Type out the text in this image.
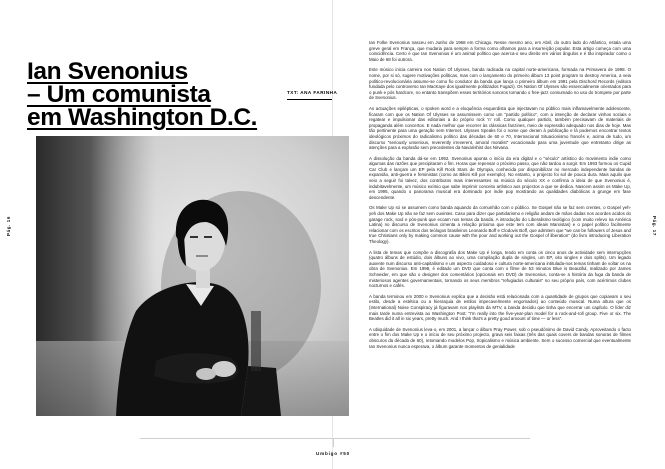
Ian Svenonius
– Um comunista
em Washington D.C.
TXT: ANA FARINHA
Pág. 16	Pág. 17
Umbigo #50

Ian Folke Svenonius nasceu em Junho de 1968 em Chicago. Nesse mesmo ano, em Abril, do outro lado do Atlântico, estala uma greve geral em França, que mudaria para sempre a forma como olhamos para a insurreição popular. Esta artigo começa com uma coincidência. Certo é que Ian Svenonius é um animal político que acerca-o seu direito em vários ângulos e é tão inspirador como o Maio de 68 foi outrora.

Este músico inicia carreira nos Nation Of Ulysses, banda radicada na capital norte-americana, formada na Primavera de 1988. O nome, por si só, sugere motivações políticas, mas com o lançamento do primeiro álbum 13 point program to destroy America, a veia político-revolucionária assume-se como fio condutor da banda que lança o primeiro álbum em 1991 pela Dischord Records (editora fundada pelo controverso Ian MacKaye dos igualmente politizados Fugazi). Os Nation Of Ulysses são essencialmente orientados para o punk e pós hardcore, no entanto transpõem esses territórios sonoros tornando o free-jazz consumado no uso do trompete por parte de Svenonius.

As actuações epilépticas, o spoken word e a eloquência esquerdista que injectavam no público mais inflamavelmente adolescente, ficaram com que os Nation Of Ulysses se assumissem como um "partido político", com a intenção de declarar vinhos sociais e regatear e impulsionar das editoriais a do próprio rock 'n' roll. Como qualquer partido, também precisavam de materiais de propaganda além concertos. E nada melhor que recorrer às clássicas fanzines, meio de expressão adequado nos dias de hoje. Mas tão pertinente para uma geração sem Internet. Ulysses Speaks foi o nome que deram à publicação e lá podemos encontrar textos ideológicos próximos do radicalismo político das décadas de 60 e 70, Internacional Situacionismo francês e, acima de tudo, um discurso "seriously unserious, reverently irreverent, amoral moralist" vocacionado para uma juventude que entretanto dirige as atenções para a explosão sem precedentes da Navarishist dos Nirvana.

A dissolução da banda dá-se em 1992. Svenonius aponta o início da era digital e o "século" artístico do movimento indie como algumas das razões que precipitaram o fim. Horas que repensar o próximo passo, que não tardou a surgir. Em 1993 formou os Cupid Car Club e lançam um EP pela Kill Rock Stars de Olympia, conhecida por disponibilizar no mercado independente bandas de expansão, anti-guerra e feministas (como as Bikini Kill por exemplo). No entanto, o projecto foi sol de pouca dura. Mais aquilo que veio a seguir foi talvez, dos contributos mais interessantes na música do século XX e confirma a ideia de que Svenonius é, indubitavelmente, um músico exímio que sabe imprimir conceito artístico aos projectos a que se dedica. Nascem assim os Make Up, em 1995, quando o panorama musical era dominado por indie pop mostrando as qualidades diabólicas a grunge em fase descendente.

Os Make Up só se assumem como banda aquando da comunhão com o público. Se Gospel não se faz sem crentes, o Gospel yeh-yeh dos Make Up não se faz sem ouvintes. Caso para dizer que partidarismo e religião andam de mãos dadas nos acordes acidos do garage rock, soul e pós-punk que ecoam nos temas da banda. A introdução do Liberalismo teológico (com muito relevo na América Latina) no discurso de Svenonius cimenta a relação próxima que este tem com ideais Marxistas) e o papel político facilmente relacionar com os escritos dos teólogos brasileiros Leonardo Boff e Clodovis Boff, que admitem que "we can be followers of Jesus and true Christians only by making common cause with the poor and working out the Gospel of liberation" (do livro introducing Liberation Theology).

A lista de temas que compõe a discografia dos Make Up é longa, tendo em conta os cinco anos de actividade sem interrupções (quatro álbuns de estúdio, dois álbuns ao vivo, uma compilação dupla de singles, um EP, oito singles e dois splits). Um legado auxente num discurso anti-capitalismo e um aspecto cuidadoso e cultura norte-americana intitulada-nos temas tinham de voltar os na obra de Svenonius. Em 1998, é editado um DVD que conta com o filme de 53 minutos Blue is Beautiful, realizado por James Schneider, em que são o designer dos comentários (opcionais em DVD) de Svenonius, conta-se a história da fuga da banda de misteriosos agentes governamentais, tornando os seus membros "refugiados culturais" no seu próprio país, com acérrimos clubes nocturnos e cafés.

A banda terminou em 2000 e Svenonius explica que a decisão está relacionada com a quantidade de grupos que copiavam o seu estilo, desde a estética ou a hierarquia de estilos impecavelmente engomados) ao conteúdo musical. Numa altura que os (International) Noise Conspiracy já figuravam nos playlists da MTV, a banda decidiu que tinha que encerrar um capítulo. O líder diz mais tarde numa entrevista ao Washington Post: "I'm really into the five-year-plan model for a rock-and-roll group. Five or six. The Beatles did it all in six years, pretty much. And I think that's a pretty good amount of time — or less".

A ubiquidade de Svenonius leva-o, em 2001, a lançar o álbum Pray Power, sob o pseudónimo de David Candy. Aproveitando o facto entre o fim dos Make Up e o início de seu próximo projecto, grava seis faixas (três das quais covers de bandas sonoras de filmes obscuros da década de 60), retomando modelos Pop, tropicalismo e música ambiente. Sem o sucesso comercial que eventualmente Ian Svenonius nunca esperava, o álbum garante momentos de genialidade
